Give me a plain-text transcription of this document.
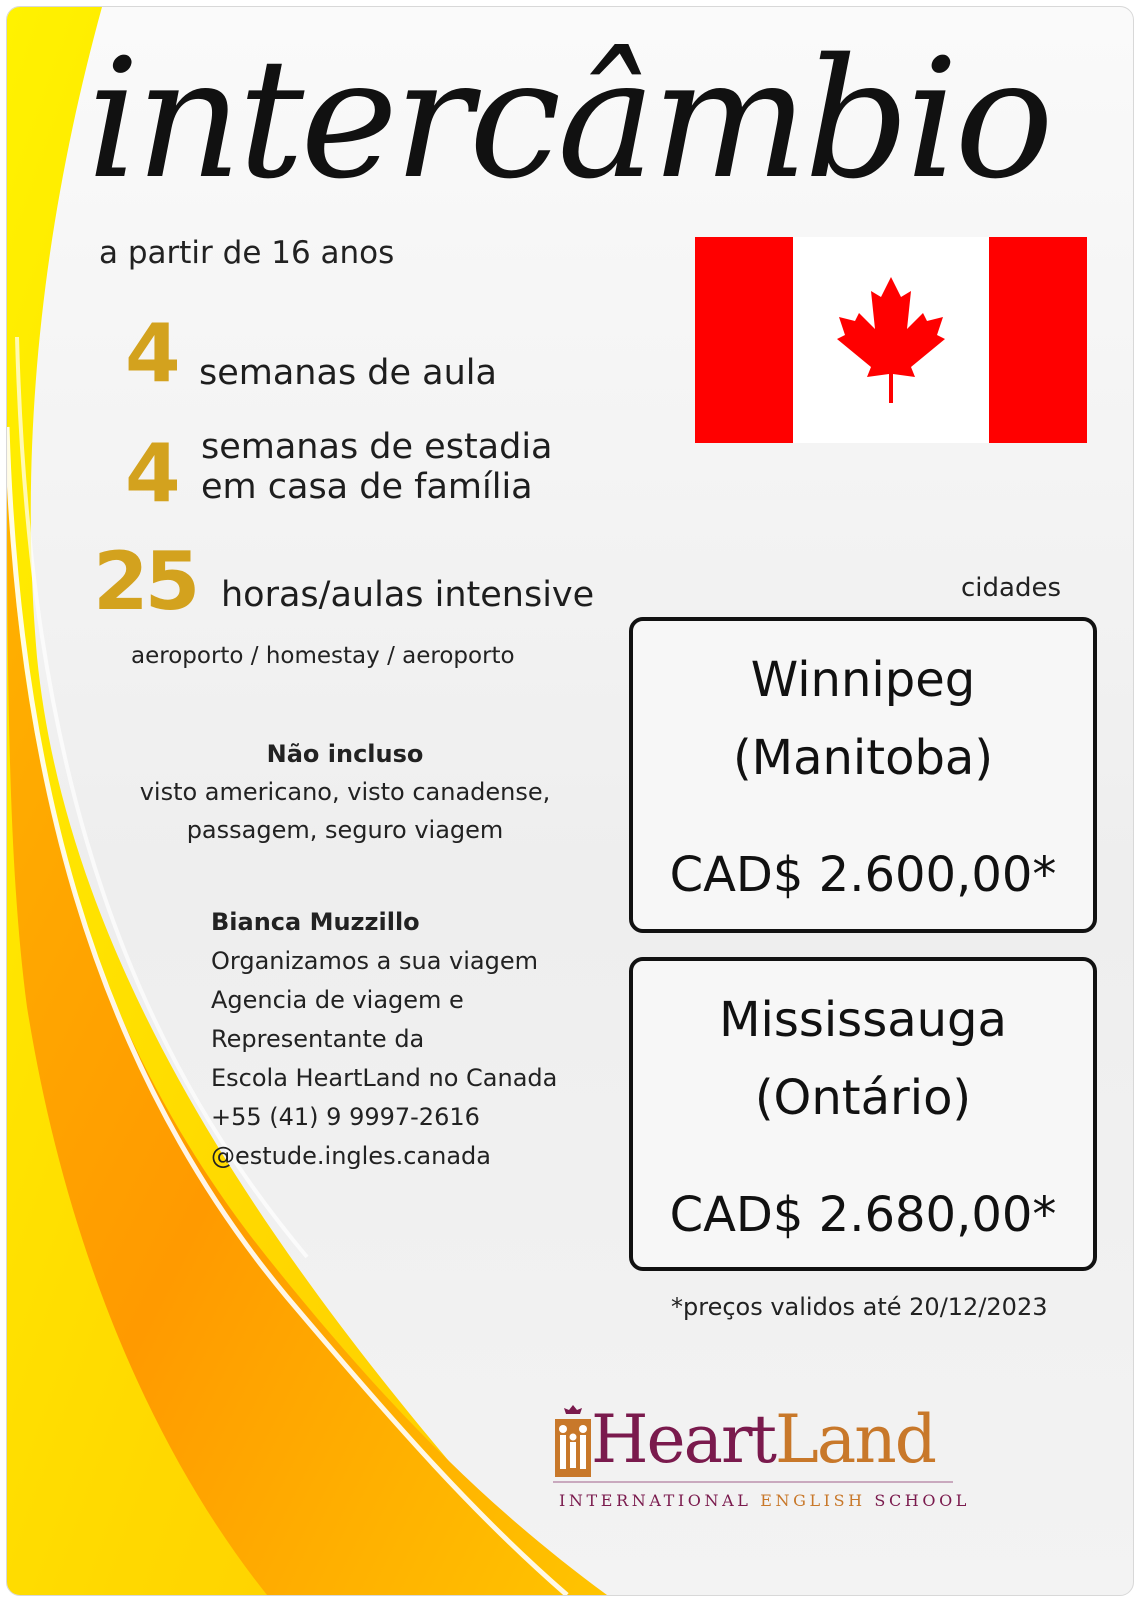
intercâmbio
a partir de 16 anos
4 semanas de aula
4 semanas de estadia
em casa de família
25 horas/aulas intensive
aeroporto / homestay / aeroporto
Não incluso
visto americano, visto canadense,
passagem, seguro viagem
Bianca Muzzillo
Organizamos a sua viagem
Agencia de viagem e
Representante da
Escola HeartLand no Canada
+55 (41) 9 9997-2616
@estude.ingles.canada
cidades
Winnipeg
(Manitoba)
CAD$ 2.600,00*
Mississauga
(Ontário)
CAD$ 2.680,00*
*preços validos até 20/12/2023
HeartLand
INTERNATIONAL ENGLISH SCHOOL
